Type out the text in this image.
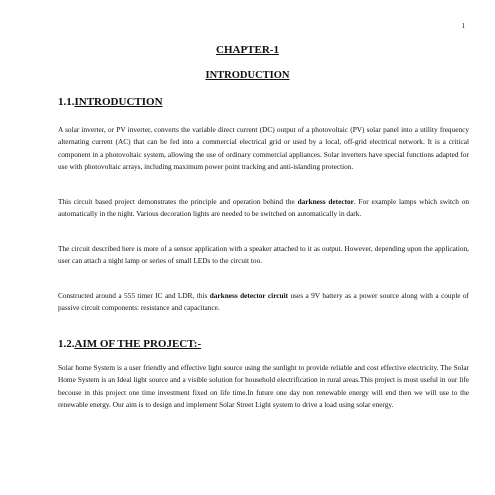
1
CHAPTER-1
INTRODUCTION
1.1.INTRODUCTION

A solar inverter, or PV inverter, converts the variable direct current (DC) output of a photovoltaic (PV) solar panel into a utility frequency alternating current (AC) that can be fed into a commercial electrical grid or used by a local, off-grid electrical network. It is a critical component in a photovoltaic system, allowing the use of ordinary commercial appliances. Solar inverters have special functions adapted for use with photovoltaic arrays, including maximum power point tracking and anti-islanding protection.

This circuit based project demonstrates the principle and operation behind the darkness detector. For example lamps which switch on automatically in the night. Various decoration lights are needed to be switched on automatically in dark.

The circuit described here is more of a sensor application with a speaker attached to it as output. However, depending upon the application, user can attach a night lamp or series of small LEDs to the circuit too.

Constructed around a 555 timer IC and LDR, this darkness detector circuit uses a 9V battery as a power source along with a couple of passive circuit components: resistance and capacitance.

1.2.AIM OF THE PROJECT:-

Solar home System is a user friendly and effective light source using the sunlight to provide reliable and cost effective electricity. The Solar Home System is an Ideal light source and a visible solution for household electrification in rural areas.This project is most useful in our life becouse in this project one time investment fixed on life time.In future one day non renewable energy will end then we will use to the renewable energy. Our aim is to design and implement Solar Street Light system to drive a load using solar energy.
